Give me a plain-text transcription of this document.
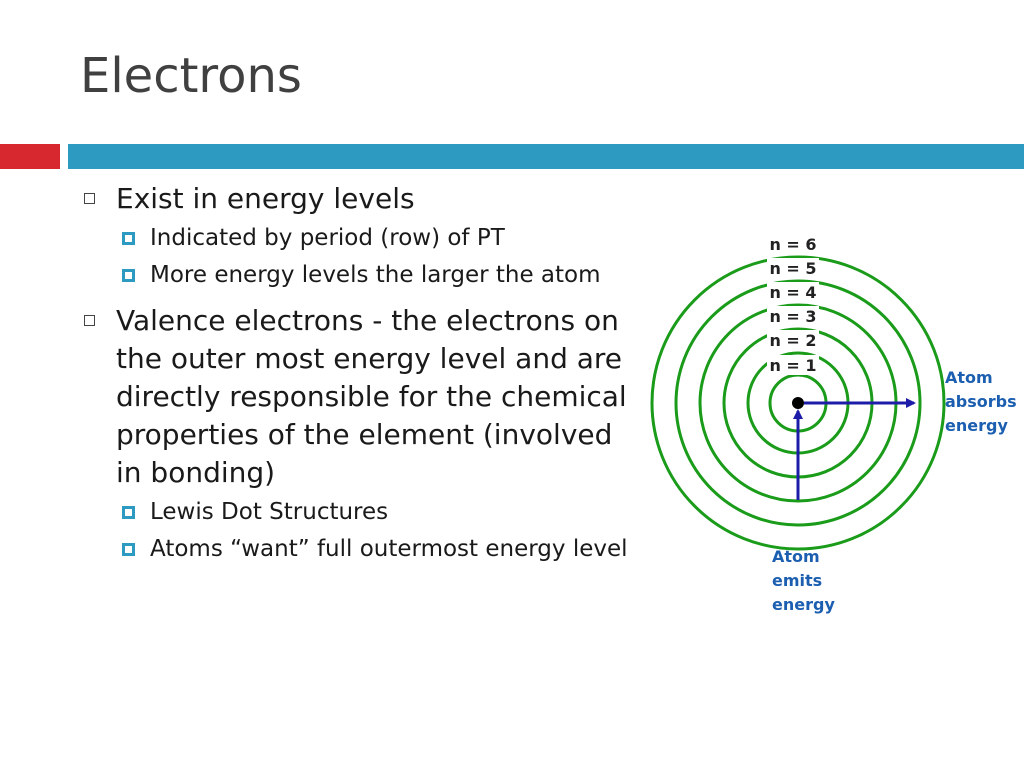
Electrons
Exist in energy levels
Indicated by period (row) of PT
More energy levels the larger the atom
Valence electrons - the electrons on the outer most energy level and are directly responsible for the chemical properties of the element (involved in bonding)
Lewis Dot Structures
Atoms “want” full outermost energy level
n = 6
n = 5
n = 4
n = 3
n = 2
n = 1
Atom
absorbs
energy
Atom
emits
energy
